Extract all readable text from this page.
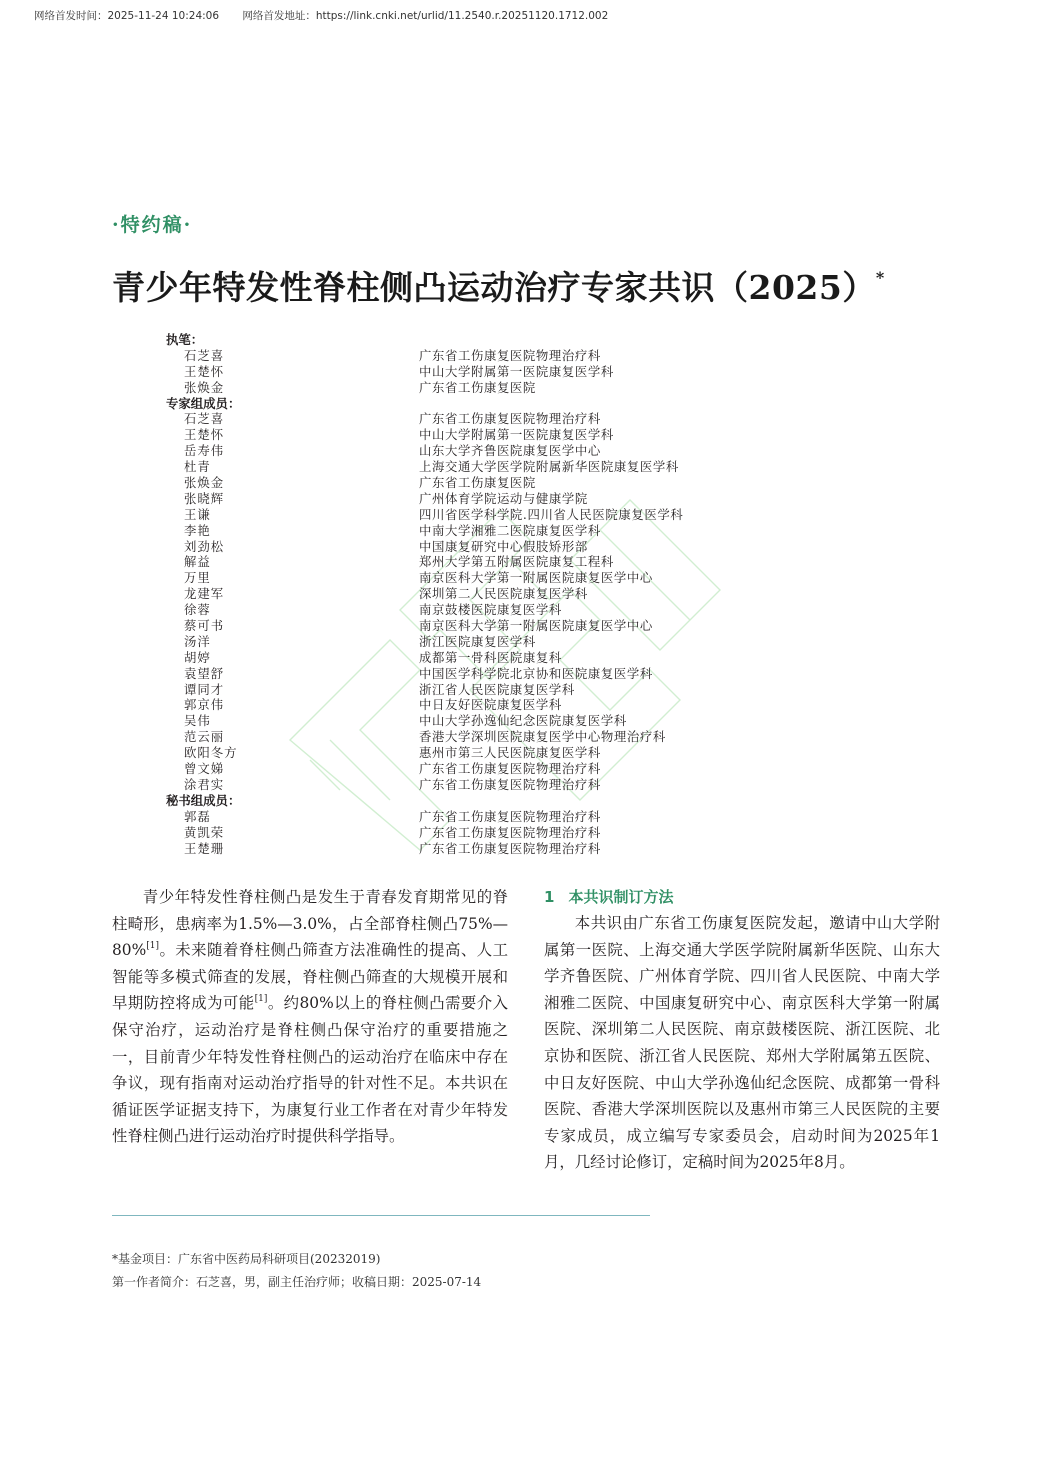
网络首发时间：2025-11-24 10:24:06 网络首发地址：https://link.cnki.net/urlid/11.2540.r.20251120.1712.002
·特约稿·
青少年特发性脊柱侧凸运动治疗专家共识（2025）*
执笔：
石芝喜	广东省工伤康复医院物理治疗科
王楚怀	中山大学附属第一医院康复医学科
张焕金	广东省工伤康复医院
专家组成员：
石芝喜	广东省工伤康复医院物理治疗科
王楚怀	中山大学附属第一医院康复医学科
岳寿伟	山东大学齐鲁医院康复医学中心
杜青	上海交通大学医学院附属新华医院康复医学科
张焕金	广东省工伤康复医院
张晓辉	广州体育学院运动与健康学院
王谦	四川省医学科学院.四川省人民医院康复医学科
李艳	中南大学湘雅二医院康复医学科
刘劲松	中国康复研究中心假肢矫形部
解益	郑州大学第五附属医院康复工程科
万里	南京医科大学第一附属医院康复医学中心
龙建军	深圳第二人民医院康复医学科
徐蓉	南京鼓楼医院康复医学科
蔡可书	南京医科大学第一附属医院康复医学中心
汤洋	浙江医院康复医学科
胡婷	成都第一骨科医院康复科
袁望舒	中国医学科学院北京协和医院康复医学科
谭同才	浙江省人民医院康复医学科
郭京伟	中日友好医院康复医学科
吴伟	中山大学孙逸仙纪念医院康复医学科
范云丽	香港大学深圳医院康复医学中心物理治疗科
欧阳冬方	惠州市第三人民医院康复医学科
曾文娣	广东省工伤康复医院物理治疗科
涂君实	广东省工伤康复医院物理治疗科
秘书组成员：
郭磊	广东省工伤康复医院物理治疗科
黄凯荣	广东省工伤康复医院物理治疗科
王楚珊	广东省工伤康复医院物理治疗科

青少年特发性脊柱侧凸是发生于青春发育期常见的脊柱畸形，患病率为1.5%—3.0%，占全部脊柱侧凸75%—80%[1]。未来随着脊柱侧凸筛查方法准确性的提高、人工智能等多模式筛查的发展，脊柱侧凸筛查的大规模开展和早期防控将成为可能[1]。约80%以上的脊柱侧凸需要介入保守治疗，运动治疗是脊柱侧凸保守治疗的重要措施之一，目前青少年特发性脊柱侧凸的运动治疗在临床中存在争议，现有指南对运动治疗指导的针对性不足。本共识在循证医学证据支持下，为康复行业工作者在对青少年特发性脊柱侧凸进行运动治疗时提供科学指导。

1 本共识制订方法

本共识由广东省工伤康复医院发起，邀请中山大学附属第一医院、上海交通大学医学院附属新华医院、山东大学齐鲁医院、广州体育学院、四川省人民医院、中南大学湘雅二医院、中国康复研究中心、南京医科大学第一附属医院、深圳第二人民医院、南京鼓楼医院、浙江医院、北京协和医院、浙江省人民医院、郑州大学附属第五医院、中日友好医院、中山大学孙逸仙纪念医院、成都第一骨科医院、香港大学深圳医院以及惠州市第三人民医院的主要专家成员，成立编写专家委员会，启动时间为2025年1月，几经讨论修订，定稿时间为2025年8月。

*基金项目：广东省中医药局科研项目(20232019)
第一作者简介：石芝喜，男，副主任治疗师；收稿日期：2025-07-14
